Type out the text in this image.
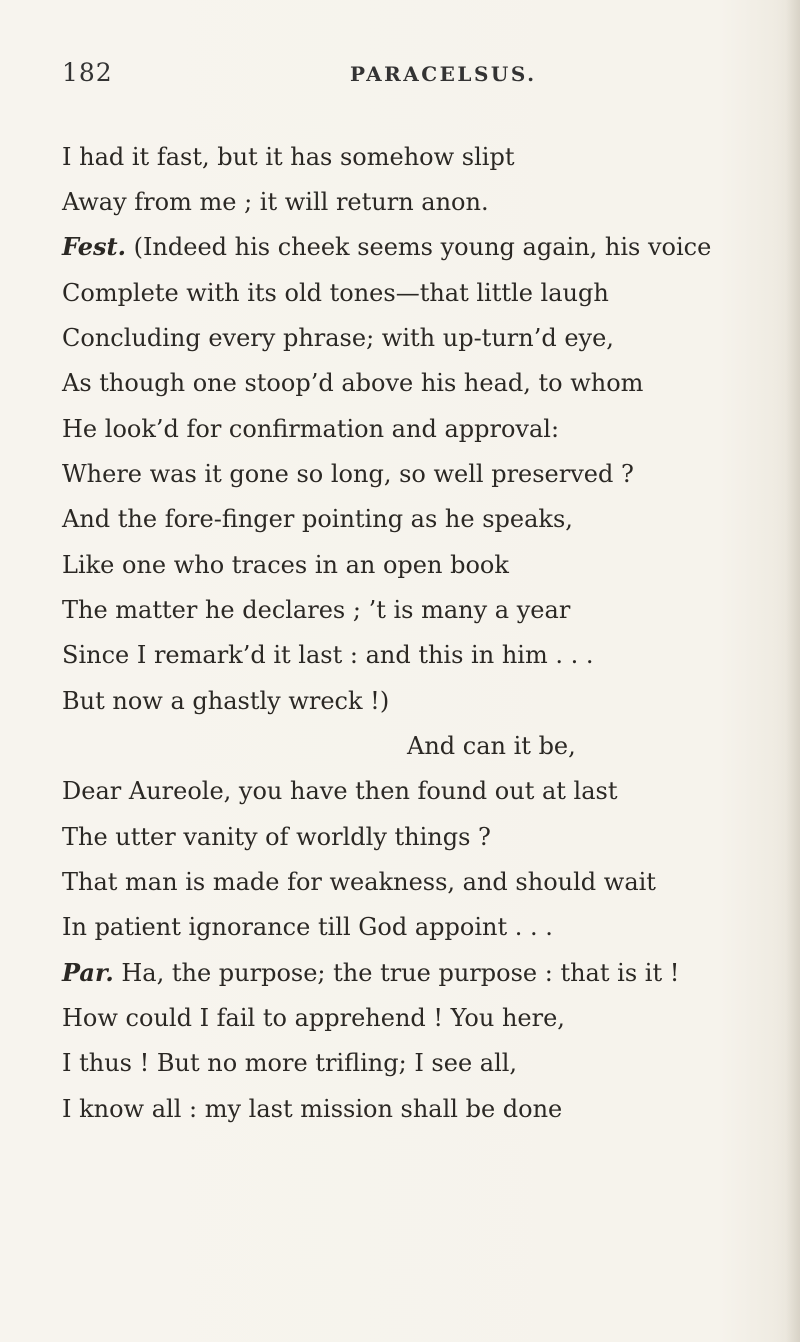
182	PARACELSUS.
I had it fast, but it has somehow slipt
Away from me ; it will return anon.
Fest. (Indeed his cheek seems young again, his voice
Complete with its old tones—that little laugh
Concluding every phrase; with up-turn’d eye,
As though one stoop’d above his head, to whom
He look’d for confirmation and approval:
Where was it gone so long, so well preserved ?
And the fore-finger pointing as he speaks,
Like one who traces in an open book
The matter he declares ; ’t is many a year
Since I remark’d it last : and this in him . . .
But now a ghastly wreck !)
And can it be,
Dear Aureole, you have then found out at last
The utter vanity of worldly things ?
That man is made for weakness, and should wait
In patient ignorance till God appoint . . .
Par. Ha, the purpose; the true purpose : that is it !
How could I fail to apprehend ! You here,
I thus ! But no more trifling; I see all,
I know all : my last mission shall be done
